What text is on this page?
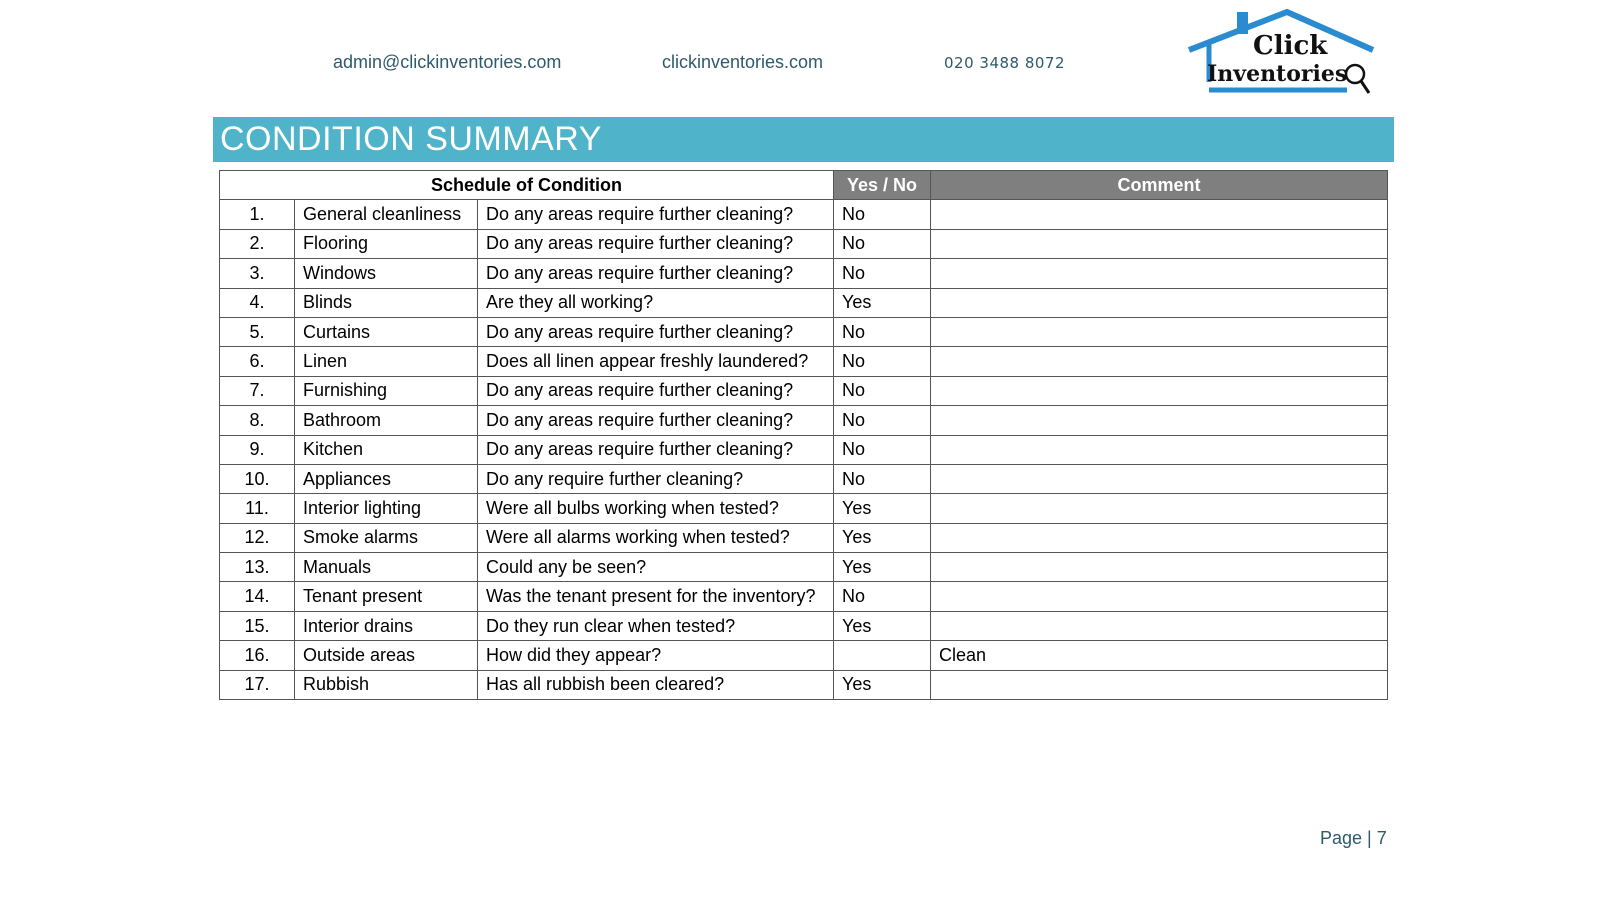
admin@clickinventories.com	clickinventories.com	020 3488 8072
Click
Inventories
CONDITION SUMMARY
Schedule of Condition			Yes / No	Comment
1.	General cleanliness	Do any areas require further cleaning?	No	
2.	Flooring	Do any areas require further cleaning?	No	
3.	Windows	Do any areas require further cleaning?	No	
4.	Blinds	Are they all working?	Yes	
5.	Curtains	Do any areas require further cleaning?	No	
6.	Linen	Does all linen appear freshly laundered?	No	
7.	Furnishing	Do any areas require further cleaning?	No	
8.	Bathroom	Do any areas require further cleaning?	No	
9.	Kitchen	Do any areas require further cleaning?	No	
10.	Appliances	Do any require further cleaning?	No	
11.	Interior lighting	Were all bulbs working when tested?	Yes	
12.	Smoke alarms	Were all alarms working when tested?	Yes	
13.	Manuals	Could any be seen?	Yes	
14.	Tenant present	Was the tenant present for the inventory?	No	
15.	Interior drains	Do they run clear when tested?	Yes	
16.	Outside areas	How did they appear?		Clean
17.	Rubbish	Has all rubbish been cleared?	Yes	
Page | 7
